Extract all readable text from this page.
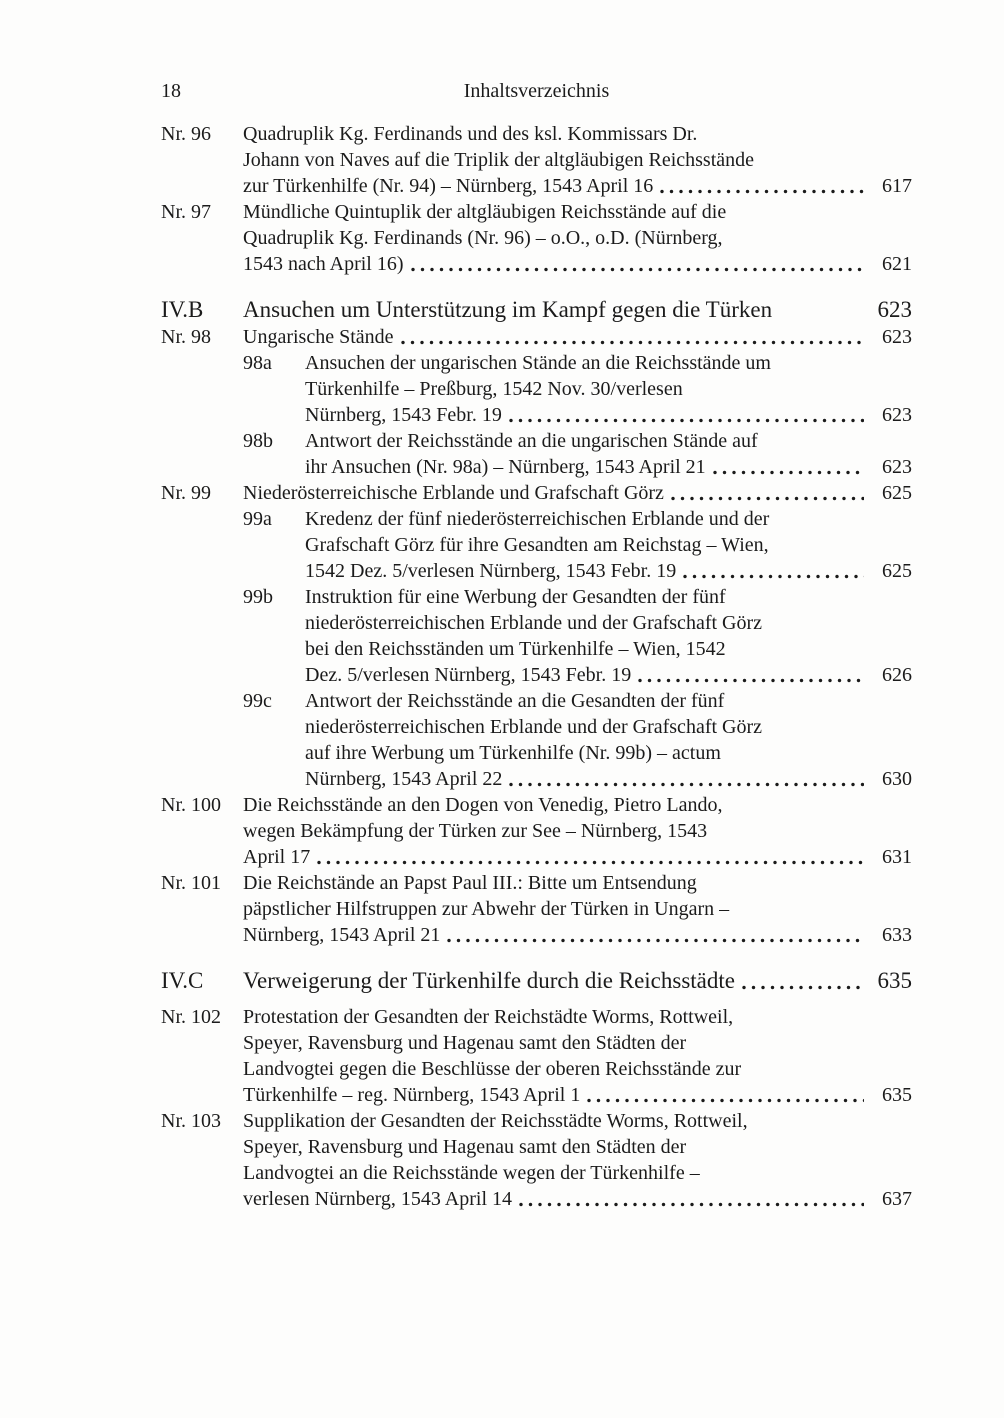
18	Inhaltsverzeichnis
Nr. 96	Quadruplik Kg. Ferdinands und des ksl. Kommissars Dr.
Johann von Naves auf die Triplik der altgläubigen Reichsstände
zur Türkenhilfe (Nr. 94) – Nürnberg, 1543 April 16	617
Nr. 97	Mündliche Quintuplik der altgläubigen Reichsstände auf die
Quadruplik Kg. Ferdinands (Nr. 96) – o.O., o.D. (Nürnberg,
1543 nach April 16)	621
IV.B	Ansuchen um Unterstützung im Kampf gegen die Türken	623
Nr. 98	Ungarische Stände	623
98a	Ansuchen der ungarischen Stände an die Reichsstände um
Türkenhilfe – Preßburg, 1542 Nov. 30/verlesen
Nürnberg, 1543 Febr. 19	623
98b	Antwort der Reichsstände an die ungarischen Stände auf
ihr Ansuchen (Nr. 98a) – Nürnberg, 1543 April 21	623
Nr. 99	Niederösterreichische Erblande und Grafschaft Görz	625
99a	Kredenz der fünf niederösterreichischen Erblande und der
Grafschaft Görz für ihre Gesandten am Reichstag – Wien,
1542 Dez. 5/verlesen Nürnberg, 1543 Febr. 19	625
99b	Instruktion für eine Werbung der Gesandten der fünf
niederösterreichischen Erblande und der Grafschaft Görz
bei den Reichsständen um Türkenhilfe – Wien, 1542
Dez. 5/verlesen Nürnberg, 1543 Febr. 19	626
99c	Antwort der Reichsstände an die Gesandten der fünf
niederösterreichischen Erblande und der Grafschaft Görz
auf ihre Werbung um Türkenhilfe (Nr. 99b) – actum
Nürnberg, 1543 April 22	630
Nr. 100	Die Reichsstände an den Dogen von Venedig, Pietro Lando,
wegen Bekämpfung der Türken zur See – Nürnberg, 1543
April 17	631
Nr. 101	Die Reichstände an Papst Paul III.: Bitte um Entsendung
päpstlicher Hilfstruppen zur Abwehr der Türken in Ungarn –
Nürnberg, 1543 April 21	633
IV.C	Verweigerung der Türkenhilfe durch die Reichsstädte	635
Nr. 102	Protestation der Gesandten der Reichstädte Worms, Rottweil,
Speyer, Ravensburg und Hagenau samt den Städten der
Landvogtei gegen die Beschlüsse der oberen Reichsstände zur
Türkenhilfe – reg. Nürnberg, 1543 April 1	635
Nr. 103	Supplikation der Gesandten der Reichsstädte Worms, Rottweil,
Speyer, Ravensburg und Hagenau samt den Städten der
Landvogtei an die Reichsstände wegen der Türkenhilfe –
verlesen Nürnberg, 1543 April 14	637
